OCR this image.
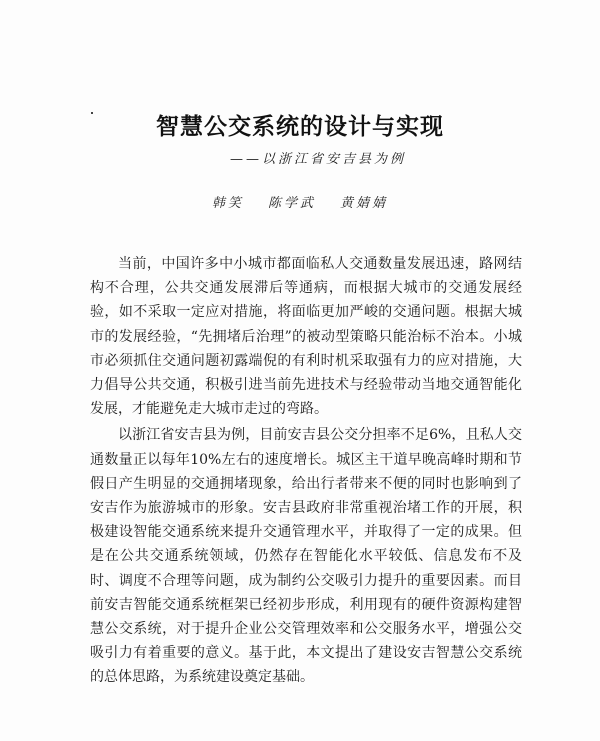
智慧公交系统的设计与实现
——以浙江省安吉县为例
韩笑 陈学武 黄婧婧

当前，中国许多中小城市都面临私人交通数量发展迅速，路网结构不合理，公共交通发展滞后等通病，而根据大城市的交通发展经验，如不采取一定应对措施，将面临更加严峻的交通问题。根据大城市的发展经验，“先拥堵后治理”的被动型策略只能治标不治本。小城市必须抓住交通问题初露端倪的有利时机采取强有力的应对措施，大力倡导公共交通，积极引进当前先进技术与经验带动当地交通智能化发展，才能避免走大城市走过的弯路。

以浙江省安吉县为例，目前安吉县公交分担率不足6%，且私人交通数量正以每年10%左右的速度增长。城区主干道早晚高峰时期和节假日产生明显的交通拥堵现象，给出行者带来不便的同时也影响到了安吉作为旅游城市的形象。安吉县政府非常重视治堵工作的开展，积极建设智能交通系统来提升交通管理水平，并取得了一定的成果。但是在公共交通系统领域，仍然存在智能化水平较低、信息发布不及时、调度不合理等问题，成为制约公交吸引力提升的重要因素。而目前安吉智能交通系统框架已经初步形成，利用现有的硬件资源构建智慧公交系统，对于提升企业公交管理效率和公交服务水平，增强公交吸引力有着重要的意义。基于此，本文提出了建设安吉智慧公交系统的总体思路，为系统建设奠定基础。
